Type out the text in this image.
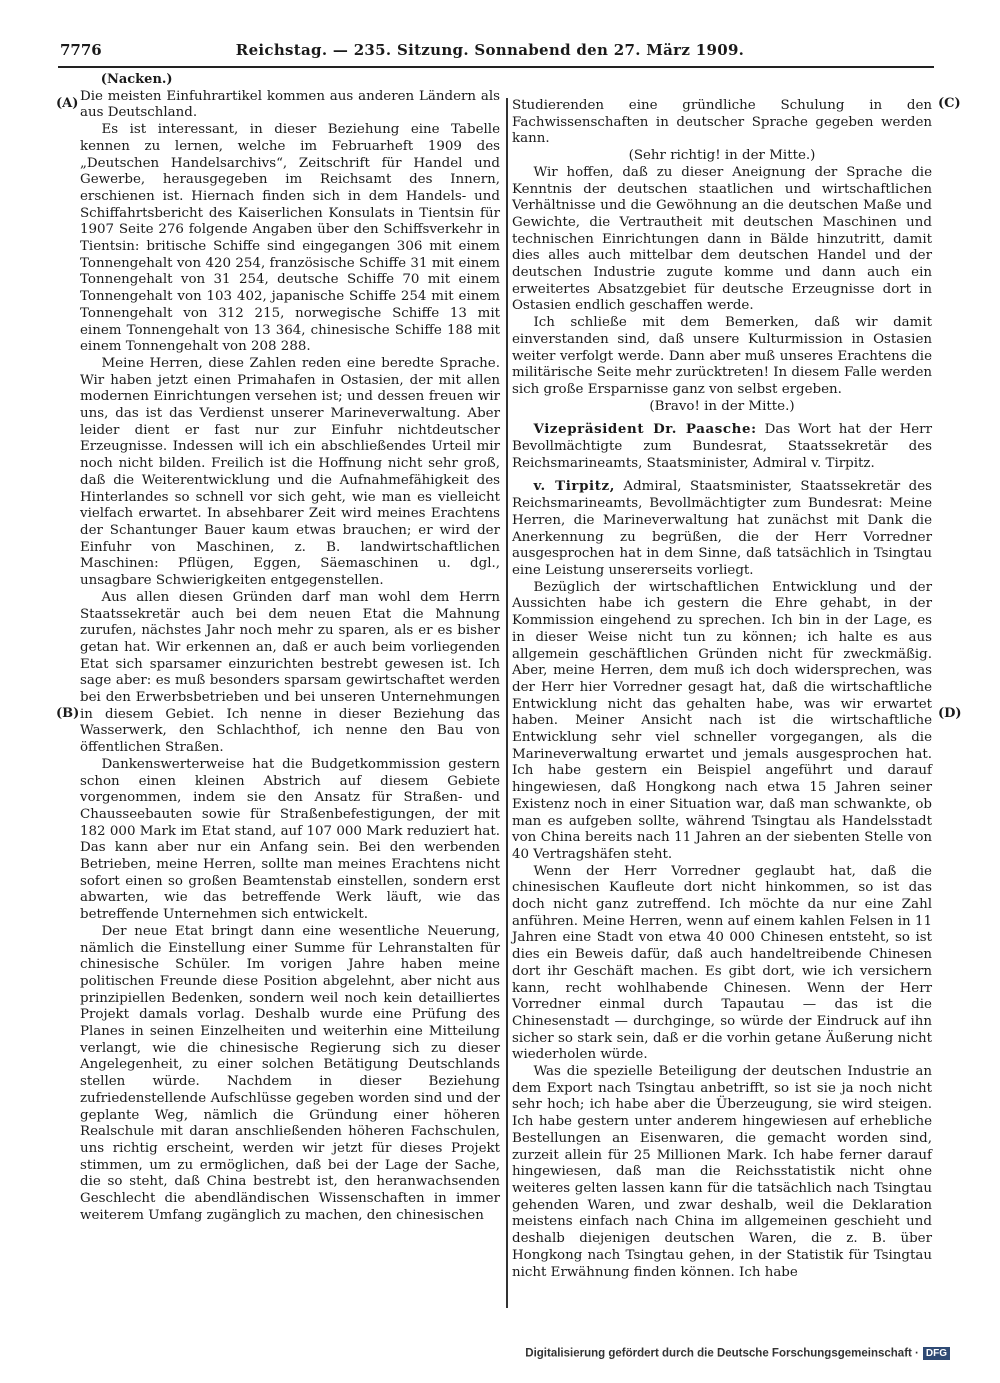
7776	Reichstag. — 235. Sitzung. Sonnabend den 27. März 1909.
(A)
(B)
(C)
(D)

(Nacken.)

Die meisten Einfuhrartikel kommen aus anderen Ländern als aus Deutschland.

Es ist interessant, in dieser Beziehung eine Tabelle kennen zu lernen, welche im Februarheft 1909 des „Deutschen Handelsarchivs“, Zeitschrift für Handel und Gewerbe, herausgegeben im Reichsamt des Innern, erschienen ist. Hiernach finden sich in dem Handels- und Schiffahrtsbericht des Kaiserlichen Konsulats in Tientsin für 1907 Seite 276 folgende Angaben über den Schiffsverkehr in Tientsin: britische Schiffe sind eingegangen 306 mit einem Tonnengehalt von 420 254, französische Schiffe 31 mit einem Tonnengehalt von 31 254, deutsche Schiffe 70 mit einem Tonnengehalt von 103 402, japanische Schiffe 254 mit einem Tonnengehalt von 312 215, norwegische Schiffe 13 mit einem Tonnengehalt von 13 364, chinesische Schiffe 188 mit einem Tonnengehalt von 208 288.

Meine Herren, diese Zahlen reden eine beredte Sprache. Wir haben jetzt einen Primahafen in Ostasien, der mit allen modernen Einrichtungen versehen ist; und dessen freuen wir uns, das ist das Verdienst unserer Marineverwaltung. Aber leider dient er fast nur zur Einfuhr nichtdeutscher Erzeugnisse. Indessen will ich ein abschließendes Urteil mir noch nicht bilden. Freilich ist die Hoffnung nicht sehr groß, daß die Weiterentwicklung und die Aufnahmefähigkeit des Hinterlandes so schnell vor sich geht, wie man es vielleicht vielfach erwartet. In absehbarer Zeit wird meines Erachtens der Schantunger Bauer kaum etwas brauchen; er wird der Einfuhr von Maschinen, z. B. landwirtschaftlichen Maschinen: Pflügen, Eggen, Säemaschinen u. dgl., unsagbare Schwierigkeiten entgegenstellen.

Aus allen diesen Gründen darf man wohl dem Herrn Staatssekretär auch bei dem neuen Etat die Mahnung zurufen, nächstes Jahr noch mehr zu sparen, als er es bisher getan hat. Wir erkennen an, daß er auch beim vorliegenden Etat sich sparsamer einzurichten bestrebt gewesen ist. Ich sage aber: es muß besonders sparsam gewirtschaftet werden bei den Erwerbsbetrieben und bei unseren Unternehmungen in diesem Gebiet. Ich nenne in dieser Beziehung das Wasserwerk, den Schlachthof, ich nenne den Bau von öffentlichen Straßen.

Dankenswerterweise hat die Budgetkommission gestern schon einen kleinen Abstrich auf diesem Gebiete vorgenommen, indem sie den Ansatz für Straßen- und Chausseebauten sowie für Straßenbefestigungen, der mit 182 000 Mark im Etat stand, auf 107 000 Mark reduziert hat. Das kann aber nur ein Anfang sein. Bei den werbenden Betrieben, meine Herren, sollte man meines Erachtens nicht sofort einen so großen Beamtenstab einstellen, sondern erst abwarten, wie das betreffende Werk läuft, wie das betreffende Unternehmen sich entwickelt.

Der neue Etat bringt dann eine wesentliche Neuerung, nämlich die Einstellung einer Summe für Lehranstalten für chinesische Schüler. Im vorigen Jahre haben meine politischen Freunde diese Position abgelehnt, aber nicht aus prinzipiellen Bedenken, sondern weil noch kein detailliertes Projekt damals vorlag. Deshalb wurde eine Prüfung des Planes in seinen Einzelheiten und weiterhin eine Mitteilung verlangt, wie die chinesische Regierung sich zu dieser Angelegenheit, zu einer solchen Betätigung Deutschlands stellen würde. Nachdem in dieser Beziehung zufriedenstellende Aufschlüsse gegeben worden sind und der geplante Weg, nämlich die Gründung einer höheren Realschule mit daran anschließenden höheren Fachschulen, uns richtig erscheint, werden wir jetzt für dieses Projekt stimmen, um zu ermöglichen, daß bei der Lage der Sache, die so steht, daß China bestrebt ist, den heranwachsenden Geschlecht die abendländischen Wissenschaften in immer weiterem Umfang zugänglich zu machen, den chinesischen

Studierenden eine gründliche Schulung in den Fachwissenschaften in deutscher Sprache gegeben werden kann.

(Sehr richtig! in der Mitte.)

Wir hoffen, daß zu dieser Aneignung der Sprache die Kenntnis der deutschen staatlichen und wirtschaftlichen Verhältnisse und die Gewöhnung an die deutschen Maße und Gewichte, die Vertrautheit mit deutschen Maschinen und technischen Einrichtungen dann in Bälde hinzutritt, damit dies alles auch mittelbar dem deutschen Handel und der deutschen Industrie zugute komme und dann auch ein erweitertes Absatzgebiet für deutsche Erzeugnisse dort in Ostasien endlich geschaffen werde.

Ich schließe mit dem Bemerken, daß wir damit einverstanden sind, daß unsere Kulturmission in Ostasien weiter verfolgt werde. Dann aber muß unseres Erachtens die militärische Seite mehr zurücktreten! In diesem Falle werden sich große Ersparnisse ganz von selbst ergeben.

(Bravo! in der Mitte.)

Vizepräsident Dr. Paasche: Das Wort hat der Herr Bevollmächtigte zum Bundesrat, Staatssekretär des Reichsmarineamts, Staatsminister, Admiral v. Tirpitz.

v. Tirpitz, Admiral, Staatsminister, Staatssekretär des Reichsmarineamts, Bevollmächtigter zum Bundesrat: Meine Herren, die Marineverwaltung hat zunächst mit Dank die Anerkennung zu begrüßen, die der Herr Vorredner ausgesprochen hat in dem Sinne, daß tatsächlich in Tsingtau eine Leistung unsererseits vorliegt.

Bezüglich der wirtschaftlichen Entwicklung und der Aussichten habe ich gestern die Ehre gehabt, in der Kommission eingehend zu sprechen. Ich bin in der Lage, es in dieser Weise nicht tun zu können; ich halte es aus allgemein geschäftlichen Gründen nicht für zweckmäßig. Aber, meine Herren, dem muß ich doch widersprechen, was der Herr hier Vorredner gesagt hat, daß die wirtschaftliche Entwicklung nicht das gehalten habe, was wir erwartet haben. Meiner Ansicht nach ist die wirtschaftliche Entwicklung sehr viel schneller vorgegangen, als die Marineverwaltung erwartet und jemals ausgesprochen hat. Ich habe gestern ein Beispiel angeführt und darauf hingewiesen, daß Hongkong nach etwa 15 Jahren seiner Existenz noch in einer Situation war, daß man schwankte, ob man es aufgeben sollte, während Tsingtau als Handelsstadt von China bereits nach 11 Jahren an der siebenten Stelle von 40 Vertragshäfen steht.

Wenn der Herr Vorredner geglaubt hat, daß die chinesischen Kaufleute dort nicht hinkommen, so ist das doch nicht ganz zutreffend. Ich möchte da nur eine Zahl anführen. Meine Herren, wenn auf einem kahlen Felsen in 11 Jahren eine Stadt von etwa 40 000 Chinesen entsteht, so ist dies ein Beweis dafür, daß auch handeltreibende Chinesen dort ihr Geschäft machen. Es gibt dort, wie ich versichern kann, recht wohlhabende Chinesen. Wenn der Herr Vorredner einmal durch Tapautau — das ist die Chinesenstadt — durchginge, so würde der Eindruck auf ihn sicher so stark sein, daß er die vorhin getane Äußerung nicht wiederholen würde.

Was die spezielle Beteiligung der deutschen Industrie an dem Export nach Tsingtau anbetrifft, so ist sie ja noch nicht sehr hoch; ich habe aber die Überzeugung, sie wird steigen. Ich habe gestern unter anderem hingewiesen auf erhebliche Bestellungen an Eisenwaren, die gemacht worden sind, zurzeit allein für 25 Millionen Mark. Ich habe ferner darauf hingewiesen, daß man die Reichsstatistik nicht ohne weiteres gelten lassen kann für die tatsächlich nach Tsingtau gehenden Waren, und zwar deshalb, weil die Deklaration meistens einfach nach China im allgemeinen geschieht und deshalb diejenigen deutschen Waren, die z. B. über Hongkong nach Tsingtau gehen, in der Statistik für Tsingtau nicht Erwähnung finden können. Ich habe

Digitalisierung gefördert durch die Deutsche Forschungsgemeinschaft · DFG
